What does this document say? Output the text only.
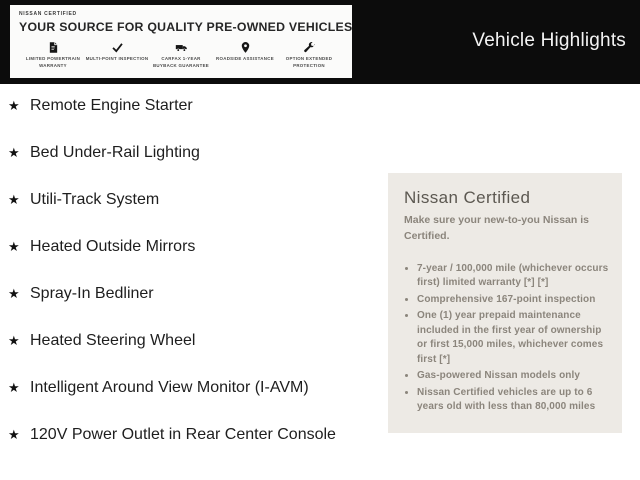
NISSAN CERTIFIED
YOUR SOURCE FOR QUALITY PRE-OWNED VEHICLES
LIMITED POWERTRAIN WARRANTY
MULTI-POINT INSPECTION	CARFAX 1-YEAR BUYBACK GUARANTEE
ROADSIDE ASSISTANCE	OPTION EXTENDED PROTECTION
Vehicle Highlights
★
Remote Engine Starter
★
Bed Under-Rail Lighting
★
Utili-Track System
★
Heated Outside Mirrors
★
Spray-In Bedliner
★
Heated Steering Wheel
★
Intelligent Around View Monitor (I-AVM)
★
120V Power Outlet in Rear Center Console
Nissan Certified

Make sure your new-to-you Nissan is Certified.

• 7-year / 100,000 mile (whichever occurs first) limited warranty [*] [*]
• Comprehensive 167-point inspection
• One (1) year prepaid maintenance included in the first year of ownership or first 15,000 miles, whichever comes first [*]
• Gas-powered Nissan models only
• Nissan Certified vehicles are up to 6 years old with less than 80,000 miles
